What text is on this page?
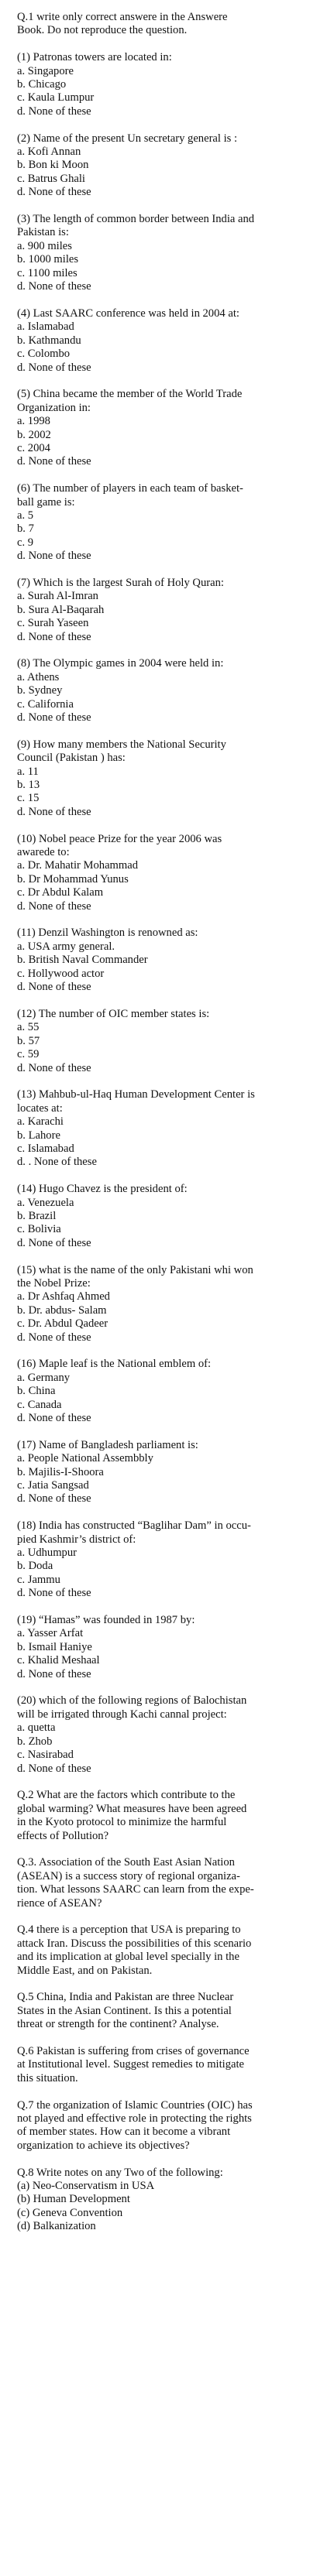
Q.1 write only correct answere in the Answere
Book. Do not reproduce the question.
(1) Patronas towers are located in:
a. Singapore
b. Chicago
c. Kaula Lumpur
d. None of these
(2) Name of the present Un secretary general is :
a. Kofi Annan
b. Bon ki Moon
c. Batrus Ghali
d. None of these
(3) The length of common border between India and
Pakistan is:
a. 900 miles
b. 1000 miles
c. 1100 miles
d. None of these
(4) Last SAARC conference was held in 2004 at:
a. Islamabad
b. Kathmandu
c. Colombo
d. None of these
(5) China became the member of the World Trade
Organization in:
a. 1998
b. 2002
c. 2004
d. None of these
(6) The number of players in each team of basket-
ball game is:
a. 5
b. 7
c. 9
d. None of these
(7) Which is the largest Surah of Holy Quran:
a. Surah Al-Imran
b. Sura Al-Baqarah
c. Surah Yaseen
d. None of these
(8) The Olympic games in 2004 were held in:
a. Athens
b. Sydney
c. California
d. None of these
(9) How many members the National Security
Council (Pakistan ) has:
a. 11
b. 13
c. 15
d. None of these
(10) Nobel peace Prize for the year 2006 was
awarede to:
a. Dr. Mahatir Mohammad
b. Dr Mohammad Yunus
c. Dr Abdul Kalam
d. None of these
(11) Denzil Washington is renowned as:
a. USA army general.
b. British Naval Commander
c. Hollywood actor
d. None of these
(12) The number of OIC member states is:
a. 55
b. 57
c. 59
d. None of these
(13) Mahbub-ul-Haq Human Development Center is
locates at:
a. Karachi
b. Lahore
c. Islamabad
d. . None of these
(14) Hugo Chavez is the president of:
a. Venezuela
b. Brazil
c. Bolivia
d. None of these
(15) what is the name of the only Pakistani whi won
the Nobel Prize:
a. Dr Ashfaq Ahmed
b. Dr. abdus- Salam
c. Dr. Abdul Qadeer
d. None of these
(16) Maple leaf is the National emblem of:
a. Germany
b. China
c. Canada
d. None of these
(17) Name of Bangladesh parliament is:
a. People National Assembbly
b. Majilis-I-Shoora
c. Jatia Sangsad
d. None of these
(18) India has constructed “Baglihar Dam” in occu-
pied Kashmir’s district of:
a. Udhumpur
b. Doda
c. Jammu
d. None of these
(19) “Hamas” was founded in 1987 by:
a. Yasser Arfat
b. Ismail Haniye
c. Khalid Meshaal
d. None of these
(20) which of the following regions of Balochistan
will be irrigated through Kachi cannal project:
a. quetta
b. Zhob
c. Nasirabad
d. None of these
Q.2 What are the factors which contribute to the
global warming? What measures have been agreed
in the Kyoto protocol to minimize the harmful
effects of Pollution?
Q.3. Association of the South East Asian Nation
(ASEAN) is a success story of regional organiza-
tion. What lessons SAARC can learn from the expe-
rience of ASEAN?
Q.4 there is a perception that USA is preparing to
attack Iran. Discuss the possibilities of this scenario
and its implication at global level specially in the
Middle East, and on Pakistan.
Q.5 China, India and Pakistan are three Nuclear
States in the Asian Continent. Is this a potential
threat or strength for the continent? Analyse.
Q.6 Pakistan is suffering from crises of governance
at Institutional level. Suggest remedies to mitigate
this situation.
Q.7 the organization of Islamic Countries (OIC) has
not played and effective role in protecting the rights
of member states. How can it become a vibrant
organization to achieve its objectives?
Q.8 Write notes on any Two of the following:
(a) Neo-Conservatism in USA
(b) Human Development
(c) Geneva Convention
(d) Balkanization
